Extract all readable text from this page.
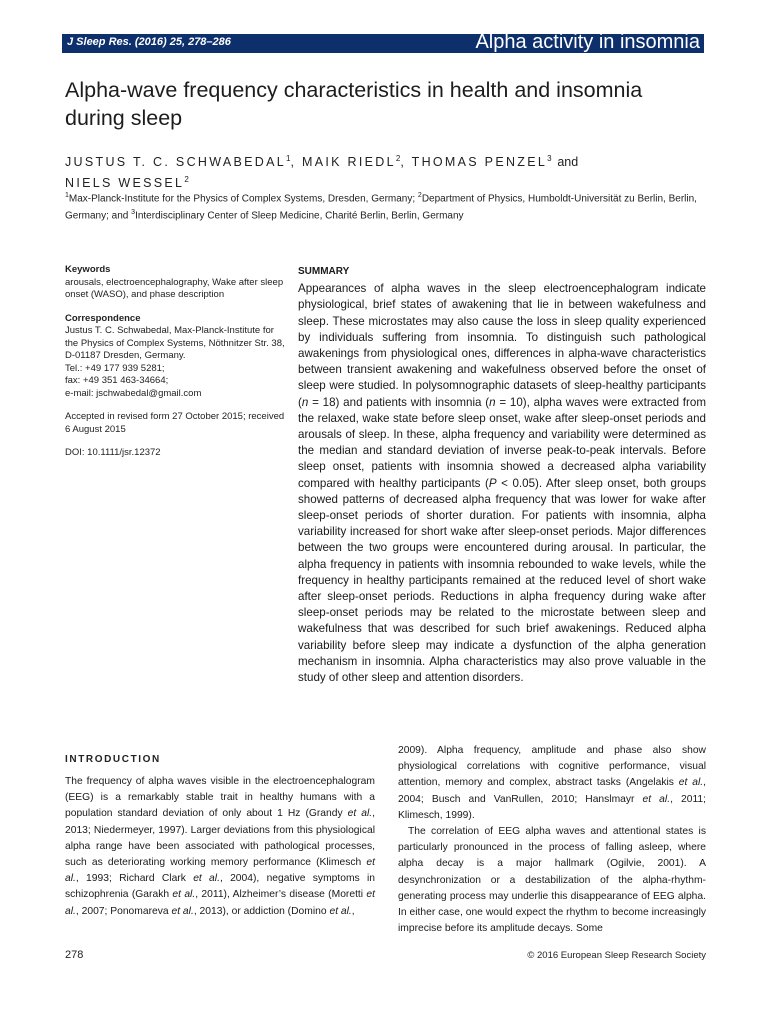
J Sleep Res. (2016) 25, 278–286	Alpha activity in insomnia
Alpha-wave frequency characteristics in health and insomnia during sleep
JUSTUS T. C. SCHWABEDAL$^1$, MAIK RIEDL$^2$, THOMAS PENZEL$^3$ and
NIELS WESSEL$^2$
$^1$Max-Planck-Institute for the Physics of Complex Systems, Dresden, Germany; $^2$Department of Physics, Humboldt-Universität zu Berlin, Berlin, Germany; and $^3$Interdisciplinary Center of Sleep Medicine, Charité Berlin, Berlin, Germany

Keywords

arousals, electroencephalography, Wake after sleep onset (WASO), and phase description

Correspondence

Justus T. C. Schwabedal, Max-Planck-Institute for the Physics of Complex Systems, Nöthnitzer Str. 38, D-01187 Dresden, Germany.

Tel.: +49 177 939 5281;

fax: +49 351 463-34664;

e-mail: jschwabedal@gmail.com

Accepted in revised form 27 October 2015; received 6 August 2015

DOI: 10.1111/jsr.12372

SUMMARY
Appearances of alpha waves in the sleep electroencephalogram indicate physiological, brief states of awakening that lie in between wakefulness and sleep. These microstates may also cause the loss in sleep quality experienced by individuals suffering from insomnia. To distinguish such pathological awakenings from physiological ones, differences in alpha-wave characteristics between transient awakening and wakefulness observed before the onset of sleep were studied. In polysomnographic datasets of sleep-healthy participants (n = 18) and patients with insomnia (n = 10), alpha waves were extracted from the relaxed, wake state before sleep onset, wake after sleep-onset periods and arousals of sleep. In these, alpha frequency and variability were determined as the median and standard deviation of inverse peak-to-peak intervals. Before sleep onset, patients with insomnia showed a decreased alpha variability compared with healthy participants (P < 0.05). After sleep onset, both groups showed patterns of decreased alpha frequency that was lower for wake after sleep-onset periods of shorter duration. For patients with insomnia, alpha variability increased for short wake after sleep-onset periods. Major differences between the two groups were encountered during arousal. In particular, the alpha frequency in patients with insomnia rebounded to wake levels, while the frequency in healthy participants remained at the reduced level of short wake after sleep-onset periods. Reductions in alpha frequency during wake after sleep-onset periods may be related to the microstate between sleep and wakefulness that was described for such brief awakenings. Reduced alpha variability before sleep may indicate a dysfunction of the alpha generation mechanism in insomnia. Alpha characteristics may also prove valuable in the study of other sleep and attention disorders.
INTRODUCTION

The frequency of alpha waves visible in the electroencephalogram (EEG) is a remarkably stable trait in healthy humans with a population standard deviation of only about 1 Hz (Grandy et al., 2013; Niedermeyer, 1997). Larger deviations from this physiological alpha range have been associated with pathological processes, such as deteriorating working memory performance (Klimesch et al., 1993; Richard Clark et al., 2004), negative symptoms in schizophrenia (Garakh et al., 2011), Alzheimer’s disease (Moretti et al., 2007; Ponomareva et al., 2013), or addiction (Domino et al.,

2009). Alpha frequency, amplitude and phase also show physiological correlations with cognitive performance, visual attention, memory and complex, abstract tasks (Angelakis et al., 2004; Busch and VanRullen, 2010; Hanslmayr et al., 2011; Klimesch, 1999).

The correlation of EEG alpha waves and attentional states is particularly pronounced in the process of falling asleep, where alpha decay is a major hallmark (Ogilvie, 2001). A desynchronization or a destabilization of the alpha-rhythm-generating process may underlie this disappearance of EEG alpha. In either case, one would expect the rhythm to become increasingly imprecise before its amplitude decays. Some

278	© 2016 European Sleep Research Society
